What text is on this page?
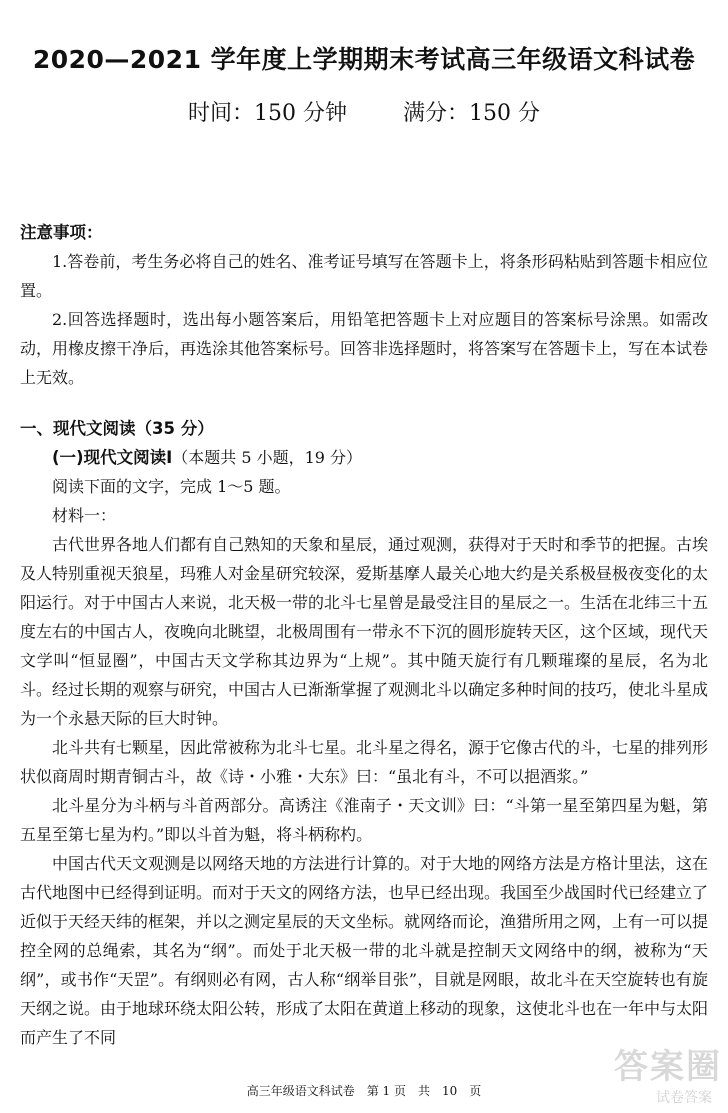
2020—2021 学年度上学期期末考试高三年级语文科试卷
时间：150 分钟	满分：150 分

注意事项：

1.答卷前，考生务必将自己的姓名、准考证号填写在答题卡上，将条形码粘贴到答题卡相应位置。

2.回答选择题时，选出每小题答案后，用铅笔把答题卡上对应题目的答案标号涂黑。如需改动，用橡皮擦干净后，再选涂其他答案标号。回答非选择题时，将答案写在答题卡上，写在本试卷上无效。

一、现代文阅读（35 分）

(一)现代文阅读Ⅰ（本题共 5 小题，19 分）

阅读下面的文字，完成 1～5 题。

材料一：

古代世界各地人们都有自己熟知的天象和星辰，通过观测，获得对于天时和季节的把握。古埃及人特别重视天狼星，玛雅人对金星研究较深，爱斯基摩人最关心地大约是关系极昼极夜变化的太阳运行。对于中国古人来说，北天极一带的北斗七星曾是最受注目的星辰之一。生活在北纬三十五度左右的中国古人，夜晚向北眺望，北极周围有一带永不下沉的圆形旋转天区，这个区域，现代天文学叫“恒显圈”，中国古天文学称其边界为“上规”。其中随天旋行有几颗璀璨的星辰，名为北斗。经过长期的观察与研究，中国古人已渐渐掌握了观测北斗以确定多种时间的技巧，使北斗星成为一个永悬天际的巨大时钟。

北斗共有七颗星，因此常被称为北斗七星。北斗星之得名，源于它像古代的斗，七星的排列形状似商周时期青铜古斗，故《诗・小雅・大东》曰：“虽北有斗，不可以挹酒浆。”

北斗星分为斗柄与斗首两部分。高诱注《淮南子・天文训》曰：“斗第一星至第四星为魁，第五星至第七星为杓。”即以斗首为魁，将斗柄称杓。

中国古代天文观测是以网络天地的方法进行计算的。对于大地的网络方法是方格计里法，这在古代地图中已经得到证明。而对于天文的网络方法，也早已经出现。我国至少战国时代已经建立了近似于天经天纬的框架，并以之测定星辰的天文坐标。就网络而论，渔猎所用之网，上有一可以提控全网的总绳索，其名为“纲”。而处于北天极一带的北斗就是控制天文网络中的纲，被称为“天纲”，或书作“天罡”。有纲则必有网，古人称“纲举目张”，目就是网眼，故北斗在天空旋转也有旋天纲之说。由于地球环绕太阳公转，形成了太阳在黄道上移动的现象，这使北斗也在一年中与太阳而产生了不同

答案圈
试卷答案
高三年级语文科试卷　第 1 页　共　10　页
